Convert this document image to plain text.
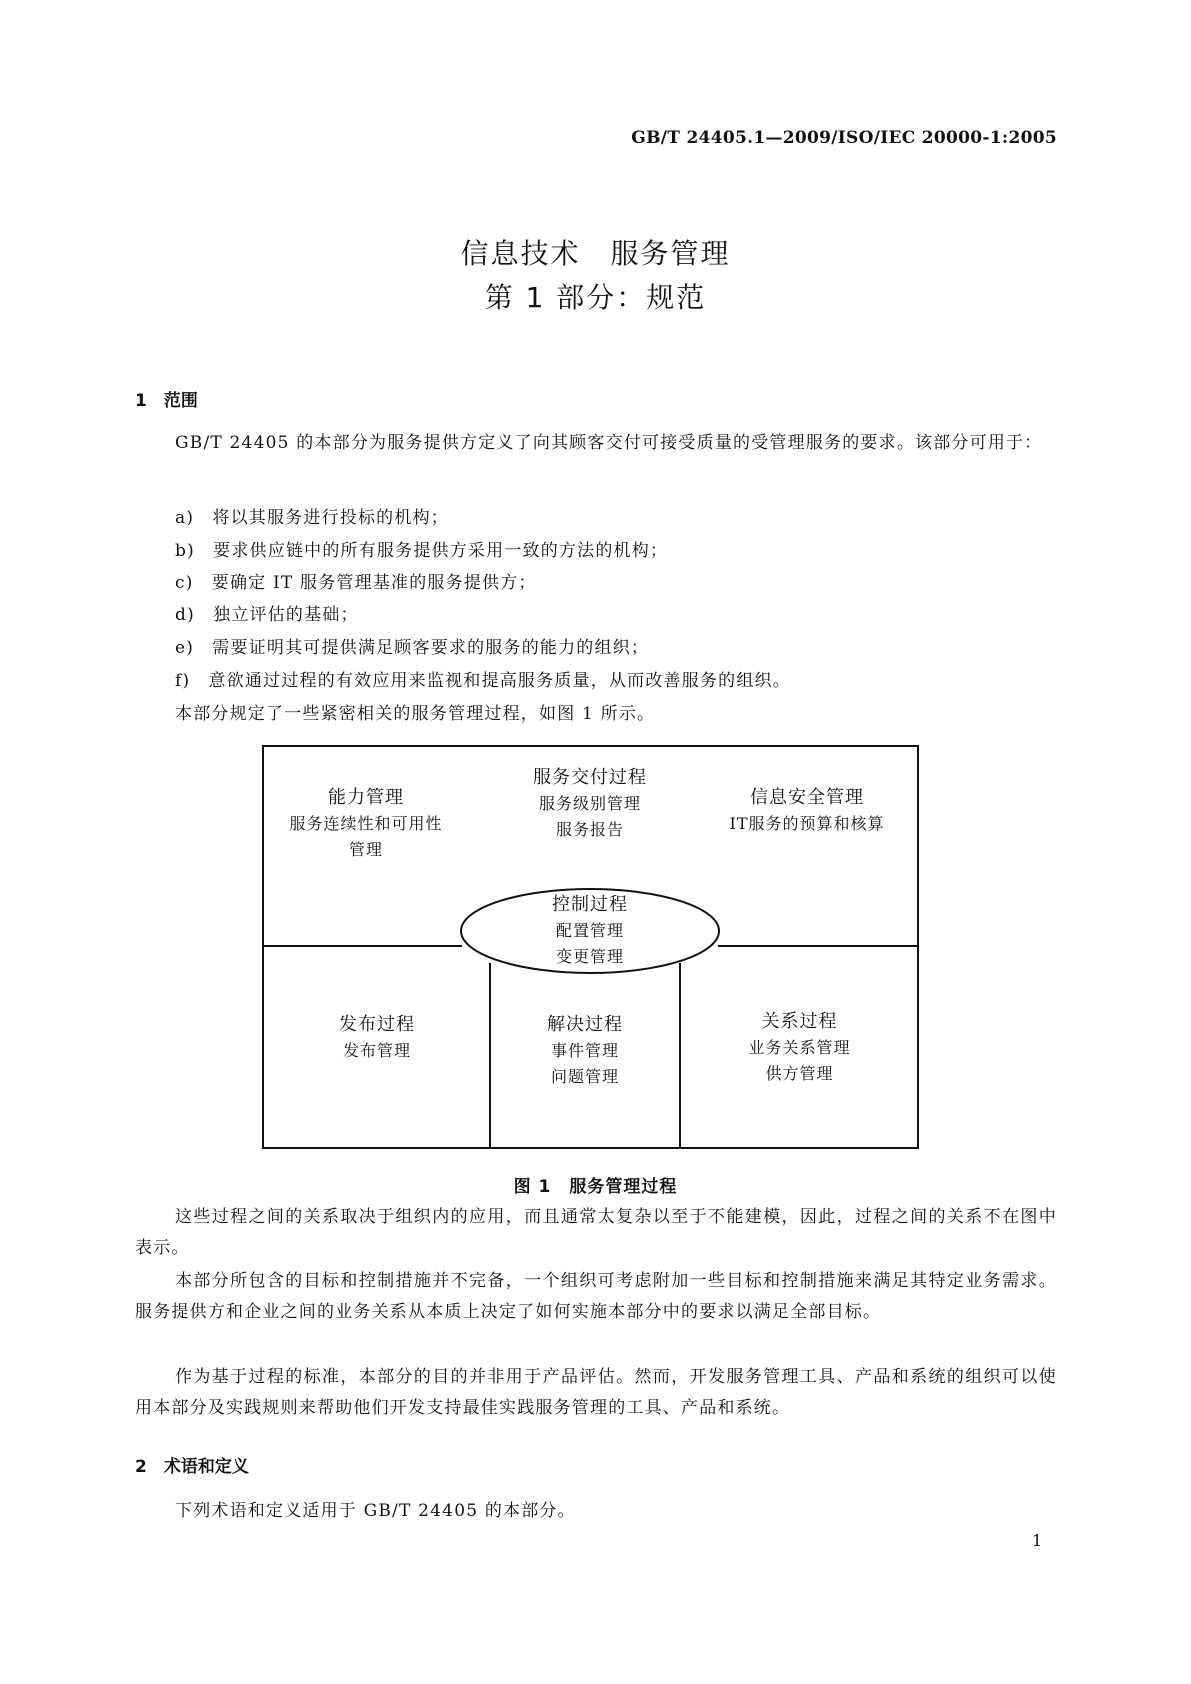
GB/T 24405.1—2009/ISO/IEC 20000-1:2005
信息技术　服务管理
第 1 部分：规范
1　范围
GB/T 24405 的本部分为服务提供方定义了向其顾客交付可接受质量的受管理服务的要求。该部分可用于：
a)　将以其服务进行投标的机构；
b)　要求供应链中的所有服务提供方采用一致的方法的机构；
c)　要确定 IT 服务管理基准的服务提供方；
d)　独立评估的基础；
e)　需要证明其可提供满足顾客要求的服务的能力的组织；
f)　意欲通过过程的有效应用来监视和提高服务质量，从而改善服务的组织。
本部分规定了一些紧密相关的服务管理过程，如图 1 所示。
能力管理
服务连续性和可用性
管理
服务交付过程
服务级别管理
服务报告
信息安全管理
IT服务的预算和核算
控制过程
配置管理
变更管理
发布过程
发布管理
解决过程
事件管理
问题管理
关系过程
业务关系管理
供方管理
图 1　服务管理过程
这些过程之间的关系取决于组织内的应用，而且通常太复杂以至于不能建模，因此，过程之间的关系不在图中表示。
本部分所包含的目标和控制措施并不完备，一个组织可考虑附加一些目标和控制措施来满足其特定业务需求。服务提供方和企业之间的业务关系从本质上决定了如何实施本部分中的要求以满足全部目标。
作为基于过程的标准，本部分的目的并非用于产品评估。然而，开发服务管理工具、产品和系统的组织可以使用本部分及实践规则来帮助他们开发支持最佳实践服务管理的工具、产品和系统。
2　术语和定义
下列术语和定义适用于 GB/T 24405 的本部分。
1
